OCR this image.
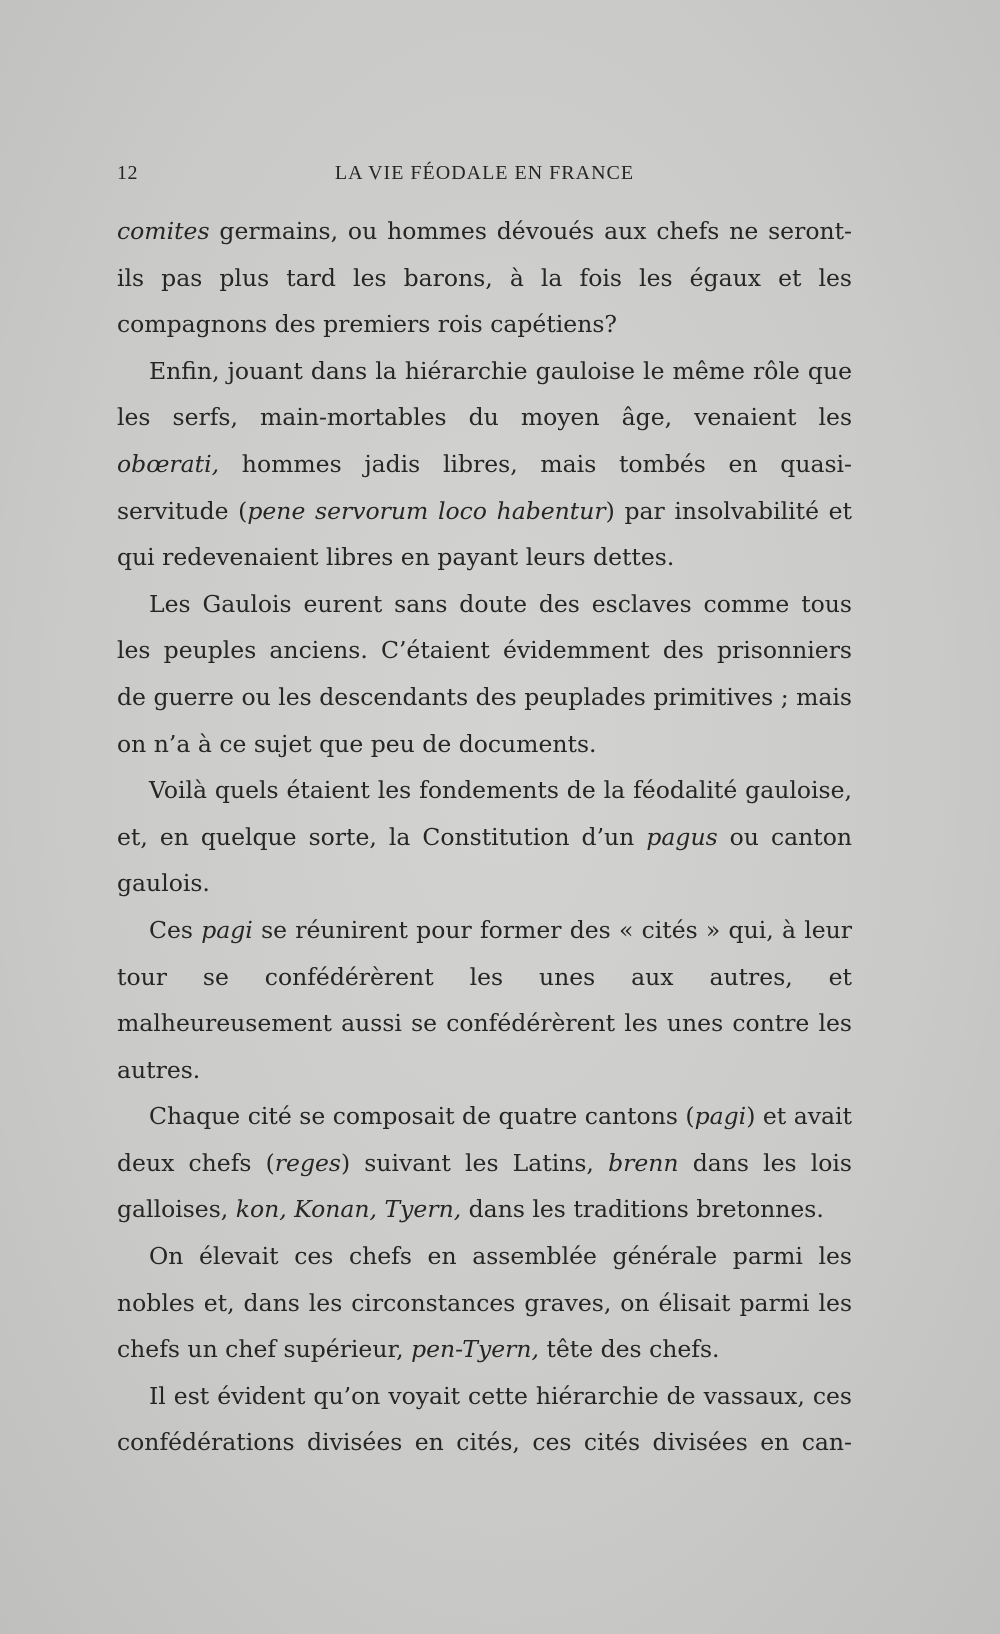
12	LA VIE FÉODALE EN FRANCE

comites germains, ou hommes dévoués aux chefs ne seront-ils pas plus tard les barons, à la fois les égaux et les compagnons des premiers rois capétiens?

Enfin, jouant dans la hiérarchie gauloise le même rôle que les serfs, main-mortables du moyen âge, venaient les obœrati, hommes jadis libres, mais tombés en quasi-servitude (pene servorum loco habentur) par insolvabilité et qui redevenaient libres en payant leurs dettes.

Les Gaulois eurent sans doute des esclaves comme tous les peuples anciens. C’étaient évidemment des prisonniers de guerre ou les descendants des peuplades primitives ; mais on n’a à ce sujet que peu de documents.

Voilà quels étaient les fondements de la féodalité gauloise, et, en quelque sorte, la Constitution d’un pagus ou canton gaulois.

Ces pagi se réunirent pour former des « cités » qui, à leur tour se confédérèrent les unes aux autres, et malheureusement aussi se confédérèrent les unes contre les autres.

Chaque cité se composait de quatre cantons (pagi) et avait deux chefs (reges) suivant les Latins, brenn dans les lois galloises, kon, Konan, Tyern, dans les traditions bretonnes.

On élevait ces chefs en assemblée générale parmi les nobles et, dans les circonstances graves, on élisait parmi les chefs un chef supérieur, pen-Tyern, tête des chefs.

Il est évident qu’on voyait cette hiérarchie de vassaux, ces confédérations divisées en cités, ces cités divisées en can-
